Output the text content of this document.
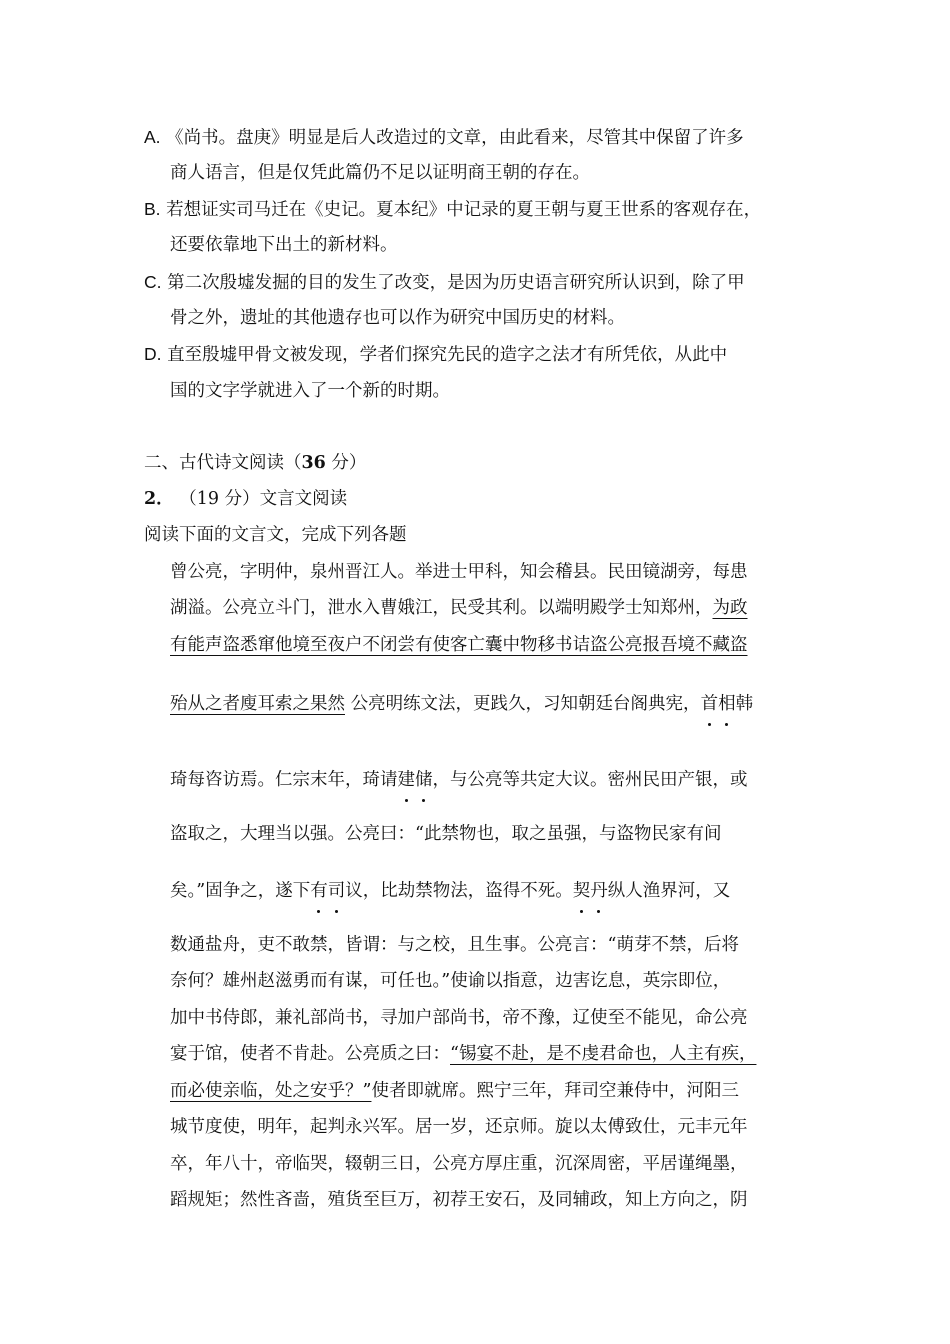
A. 《尚书。盘庚》明显是后人改造过的文章，由此看来，尽管其中保留了许多
商人语言，但是仅凭此篇仍不足以证明商王朝的存在。
B. 若想证实司马迁在《史记。夏本纪》中记录的夏王朝与夏王世系的客观存在，
还要依靠地下出土的新材料。
C. 第二次殷墟发掘的目的发生了改变，是因为历史语言研究所认识到，除了甲
骨之外，遗址的其他遗存也可以作为研究中国历史的材料。
D. 直至殷墟甲骨文被发现，学者们探究先民的造字之法才有所凭依，从此中
国的文字学就进入了一个新的时期。
二、古代诗文阅读（36 分）
2． （19 分）文言文阅读
阅读下面的文言文，完成下列各题
曾公亮，字明仲，泉州晋江人。举进士甲科，知会稽县。民田镜湖旁，每患
湖溢。公亮立斗门，泄水入曹娥江，民受其利。以端明殿学士知郑州，为政
有能声盗悉窜他境至夜户不闭尝有使客亡囊中物移书诘盗公亮报吾境不藏盗
殆从之者廋耳索之果然 公亮明练文法，更践久，习知朝廷台阁典宪，首相韩
琦每咨访焉。仁宗末年，琦请建储，与公亮等共定大议。密州民田产银，或
盗取之，大理当以强。公亮曰：“此禁物也，取之虽强，与盗物民家有间
矣。”固争之，遂下有司议，比劫禁物法，盗得不死。契丹纵人渔界河，又
数通盐舟，吏不敢禁，皆谓：与之校，且生事。公亮言：“萌芽不禁，后将
奈何？雄州赵滋勇而有谋，可任也。”使谕以指意，边害讫息，英宗即位，
加中书侍郎，兼礼部尚书，寻加户部尚书，帝不豫，辽使至不能见，命公亮
宴于馆，使者不肯赴。公亮质之曰：“锡宴不赴，是不虔君命也，人主有疾，
而必使亲临，处之安乎？”使者即就席。熙宁三年，拜司空兼侍中，河阳三
城节度使，明年，起判永兴军。居一岁，还京师。旋以太傅致仕，元丰元年
卒，年八十，帝临哭，辍朝三日，公亮方厚庄重，沉深周密，平居谨绳墨，
蹈规矩；然性吝啬，殖货至巨万，初荐王安石，及同辅政，知上方向之，阴
